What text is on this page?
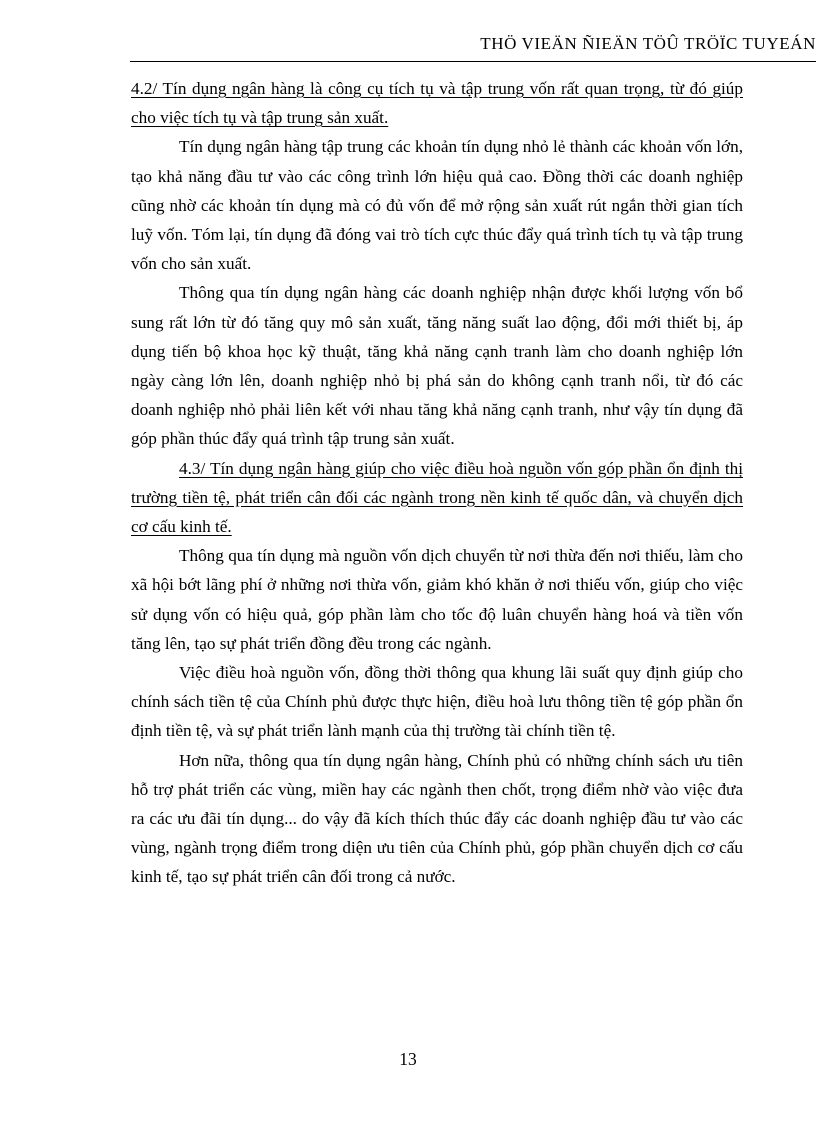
THÖ VIEÄN ÑIEÄN TÖÛ TRÖÏC TUYEÁN

4.2/ Tín dụng ngân hàng là công cụ tích tụ và tập trung vốn rất quan trọng, từ đó giúp cho việc tích tụ và tập trung sản xuất.

Tín dụng ngân hàng tập trung các khoản tín dụng nhỏ lẻ thành các khoản vốn lớn, tạo khả năng đầu tư vào các công trình lớn hiệu quả cao. Đồng thời các doanh nghiệp cũng nhờ các khoản tín dụng mà có đủ vốn để mở rộng sản xuất rút ngắn thời gian tích luỹ vốn. Tóm lại, tín dụng đã đóng vai trò tích cực thúc đẩy quá trình tích tụ và tập trung vốn cho sản xuất.

Thông qua tín dụng ngân hàng các doanh nghiệp nhận được khối lượng vốn bổ sung rất lớn từ đó tăng quy mô sản xuất, tăng năng suất lao động, đổi mới thiết bị, áp dụng tiến bộ khoa học kỹ thuật, tăng khả năng cạnh tranh làm cho doanh nghiệp lớn ngày càng lớn lên, doanh nghiệp nhỏ bị phá sản do không cạnh tranh nổi, từ đó các doanh nghiệp nhỏ phải liên kết với nhau tăng khả năng cạnh tranh, như vậy tín dụng đã góp phần thúc đẩy quá trình tập trung sản xuất.

4.3/ Tín dụng ngân hàng giúp cho việc điều hoà nguồn vốn góp phần ổn định thị trường tiền tệ, phát triển cân đối các ngành trong nền kinh tế quốc dân, và chuyển dịch cơ cấu kinh tế.

Thông qua tín dụng mà nguồn vốn dịch chuyển từ nơi thừa đến nơi thiếu, làm cho xã hội bớt lãng phí ở những nơi thừa vốn, giảm khó khăn ở nơi thiếu vốn, giúp cho việc sử dụng vốn có hiệu quả, góp phần làm cho tốc độ luân chuyển hàng hoá và tiền vốn tăng lên, tạo sự phát triển đồng đều trong các ngành.

Việc điều hoà nguồn vốn, đồng thời thông qua khung lãi suất quy định giúp cho chính sách tiền tệ của Chính phủ được thực hiện, điều hoà lưu thông tiền tệ góp phần ổn định tiền tệ, và sự phát triển lành mạnh của thị trường tài chính tiền tệ.

Hơn nữa, thông qua tín dụng ngân hàng, Chính phủ có những chính sách ưu tiên hỗ trợ phát triển các vùng, miền hay các ngành then chốt, trọng điểm nhờ vào việc đưa ra các ưu đãi tín dụng... do vậy đã kích thích thúc đẩy các doanh nghiệp đầu tư vào các vùng, ngành trọng điểm trong diện ưu tiên của Chính phủ, góp phần chuyển dịch cơ cấu kinh tế, tạo sự phát triển cân đối trong cả nước.

13
